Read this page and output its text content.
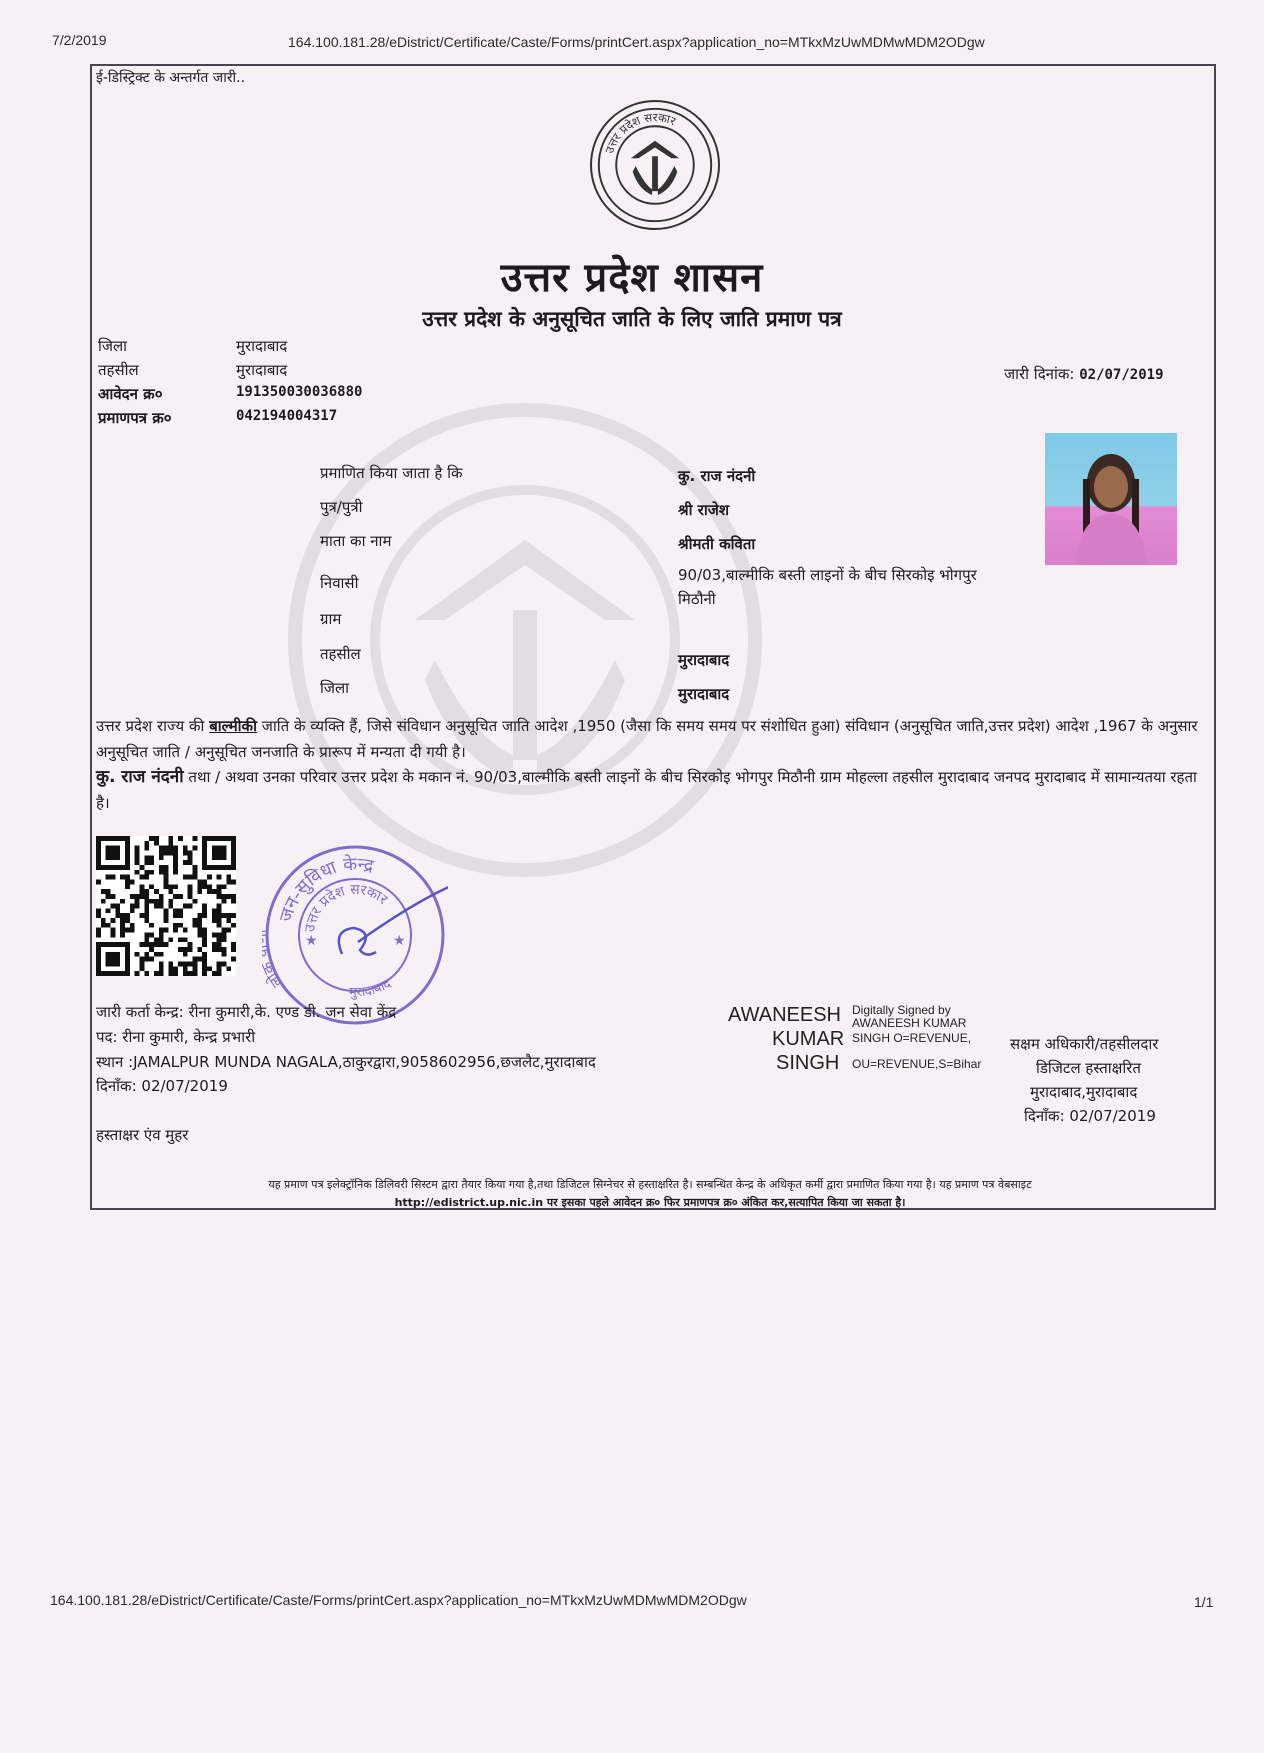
7/2/2019	164.100.181.28/eDistrict/Certificate/Caste/Forms/printCert.aspx?application_no=MTkxMzUwMDMwMDM2ODgw
ई-डिस्ट्रिक्ट के अन्तर्गत जारी..
उत्तर प्रदेश सरकार
उत्तर प्रदेश शासन
उत्तर प्रदेश के अनुसूचित जाति के लिए जाति प्रमाण पत्र
जिला	मुरादाबाद
तहसील	मुरादाबाद
आवेदन क्र०	191350030036880
प्रमाणपत्र क्र०	042194004317
जारी दिनांक: 02/07/2019
प्रमाणित किया जाता है कि	कु. राज नंदनी
पुत्र/पुत्री	श्री राजेश
माता का नाम	श्रीमती कविता
निवासी	90/03,बाल्मीकि बस्ती लाइनों के बीच सिरकोइ भोगपुर मिठौनी
ग्राम
तहसील	मुरादाबाद
जिला	मुरादाबाद
उत्तर प्रदेश राज्य की बाल्मीकी जाति के व्यक्ति हैं, जिसे संविधान अनुसूचित जाति आदेश ,1950 (जैसा कि समय समय पर संशोधित हुआ) संविधान (अनुसूचित जाति,उत्तर प्रदेश) आदेश ,1967 के अनुसार अनुसूचित जाति / अनुसूचित जनजाति के प्रारूप में मन्यता दी गयी है।
कु. राज नंदनी तथा / अथवा उनका परिवार उत्तर प्रदेश के मकान नं. 90/03,बाल्मीकि बस्ती लाइनों के बीच सिरकोइ भोगपुर मिठौनी ग्राम मोहल्ला तहसील मुरादाबाद जनपद मुरादाबाद में सामान्यतया रहता है।
जन-सुविधा केन्द्र
उत्तर प्रदेश सरकार
लो
मुरादाबाद
★	★
जारी कर्ता केन्द्र: रीना कुमारी,के. एण्ड डी. जन सेवा केंद्र
पद: रीना कुमारी, केन्द्र प्रभारी
स्थान :JAMALPUR MUNDA NAGALA,ठाकुरद्वारा,9058602956,छजलैट,मुरादाबाद
दिनाँक: 02/07/2019
हस्ताक्षर एंव मुहर
AWANEESH
KUMAR
SINGH
Digitally Signed by
AWANEESH KUMAR
SINGH O=REVENUE,
OU=REVENUE,S=Bihar
सक्षम अधिकारी/तहसीलदार
डिजिटल हस्ताक्षरित
मुरादाबाद,मुरादाबाद
दिनाँक: 02/07/2019
यह प्रमाण पत्र इलेक्ट्रॉनिक डिलिवरी सिस्टम द्वारा तैयार किया गया है,तथा डिजिटल सिग्नेचर से हस्ताक्षरित है। सम्बन्धित केन्द्र के अधिकृत कर्मी द्वारा प्रमाणित किया गया है। यह प्रमाण पत्र वेबसाइट
http://edistrict.up.nic.in पर इसका पहले आवेदन क्र० फिर प्रमाणपत्र क्र० अंकित कर,सत्यापित किया जा सकता है।
164.100.181.28/eDistrict/Certificate/Caste/Forms/printCert.aspx?application_no=MTkxMzUwMDMwMDM2ODgw	1/1
